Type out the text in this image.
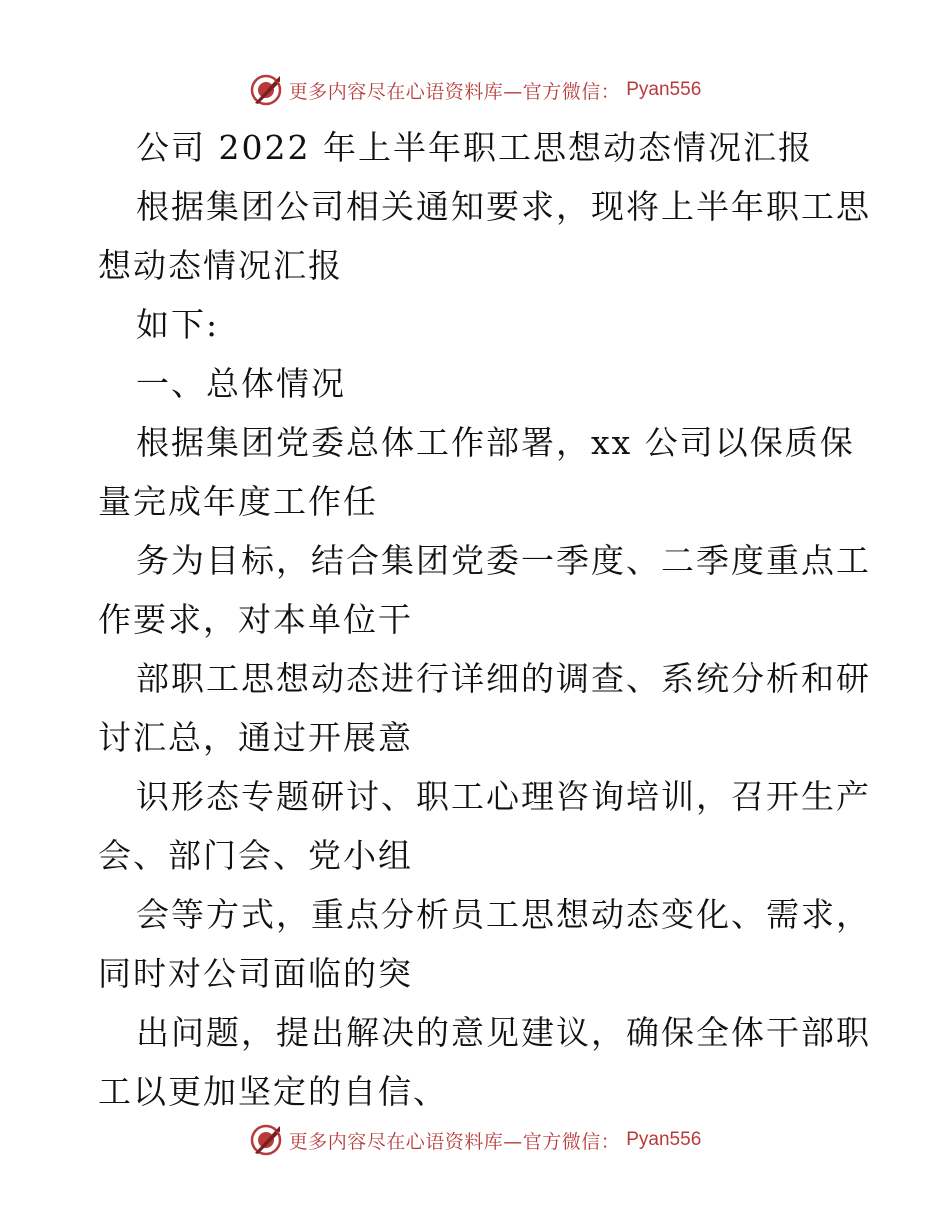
更多内容尽在心语资料库—官方微信： Pyan556
公司 2022 年上半年职工思想动态情况汇报
根据集团公司相关通知要求，现将上半年职工思
想动态情况汇报
如下:
一、总体情况
根据集团党委总体工作部署，xx 公司以保质保
量完成年度工作任
务为目标，结合集团党委一季度、二季度重点工
作要求，对本单位干
部职工思想动态进行详细的调查、系统分析和研
讨汇总，通过开展意
识形态专题研讨、职工心理咨询培训，召开生产
会、部门会、党小组
会等方式，重点分析员工思想动态变化、需求，
同时对公司面临的突
出问题，提出解决的意见建议，确保全体干部职
工以更加坚定的自信、
更多内容尽在心语资料库—官方微信： Pyan556
